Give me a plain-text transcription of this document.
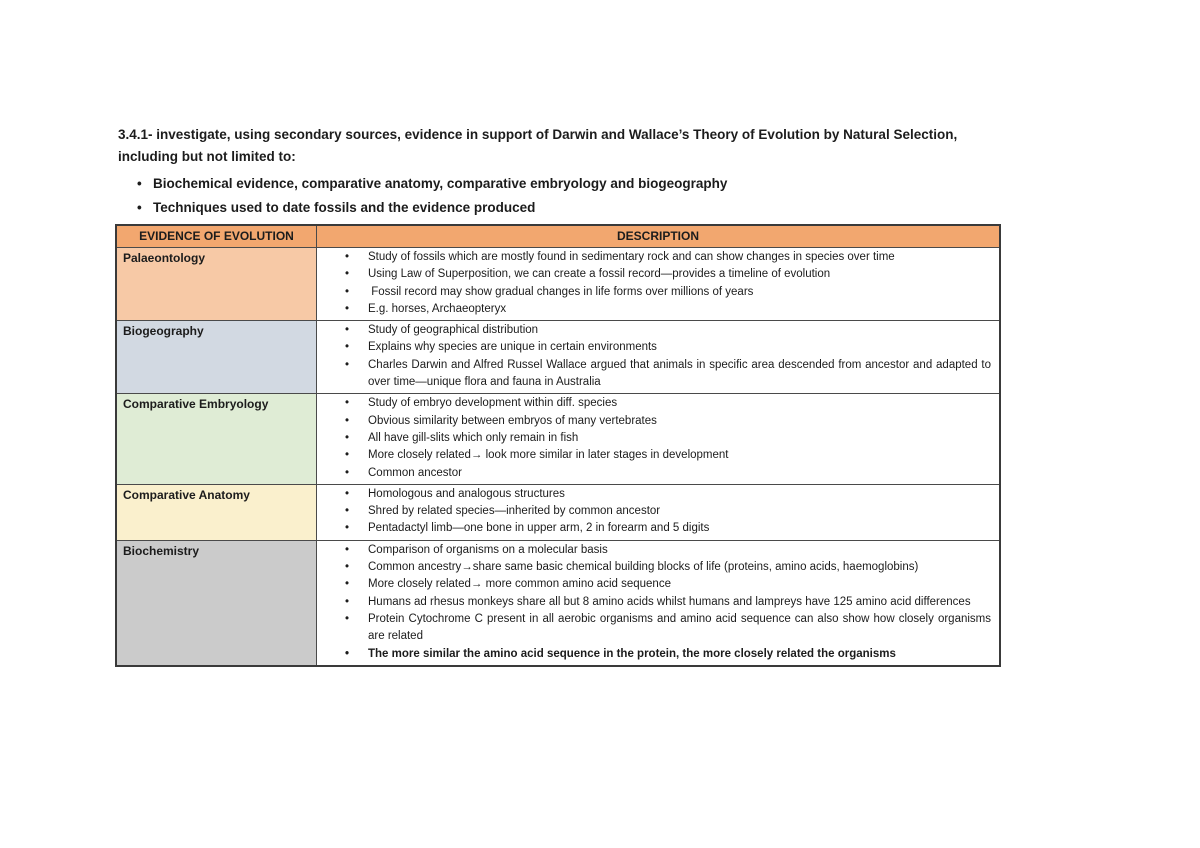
3.4.1- investigate, using secondary sources, evidence in support of Darwin and Wallace’s Theory of Evolution by Natural Selection, including but not limited to:
• Biochemical evidence, comparative anatomy, comparative embryology and biogeography
• Techniques used to date fossils and the evidence produced
EVIDENCE OF EVOLUTION	DESCRIPTION
Palaeontology	• Study of fossils which are mostly found in sedimentary rock and can show changes in species over time
• Using Law of Superposition, we can create a fossil record—provides a timeline of evolution
•  Fossil record may show gradual changes in life forms over millions of years
• E.g. horses, Archaeopteryx
Biogeography	• Study of geographical distribution
• Explains why species are unique in certain environments
• Charles Darwin and Alfred Russel Wallace argued that animals in specific area descended from ancestor and adapted to over time—unique flora and fauna in Australia
Comparative Embryology	• Study of embryo development within diff. species
• Obvious similarity between embryos of many vertebrates
• All have gill-slits which only remain in fish
• More closely related→ look more similar in later stages in development
• Common ancestor
Comparative Anatomy	• Homologous and analogous structures
• Shred by related species—inherited by common ancestor
• Pentadactyl limb—one bone in upper arm, 2 in forearm and 5 digits
Biochemistry	• Comparison of organisms on a molecular basis
• Common ancestry→share same basic chemical building blocks of life (proteins, amino acids, haemoglobins)
• More closely related→ more common amino acid sequence
• Humans ad rhesus monkeys share all but 8 amino acids whilst humans and lampreys have 125 amino acid differences
• Protein Cytochrome C present in all aerobic organisms and amino acid sequence can also show how closely organisms are related
• The more similar the amino acid sequence in the protein, the more closely related the organisms
